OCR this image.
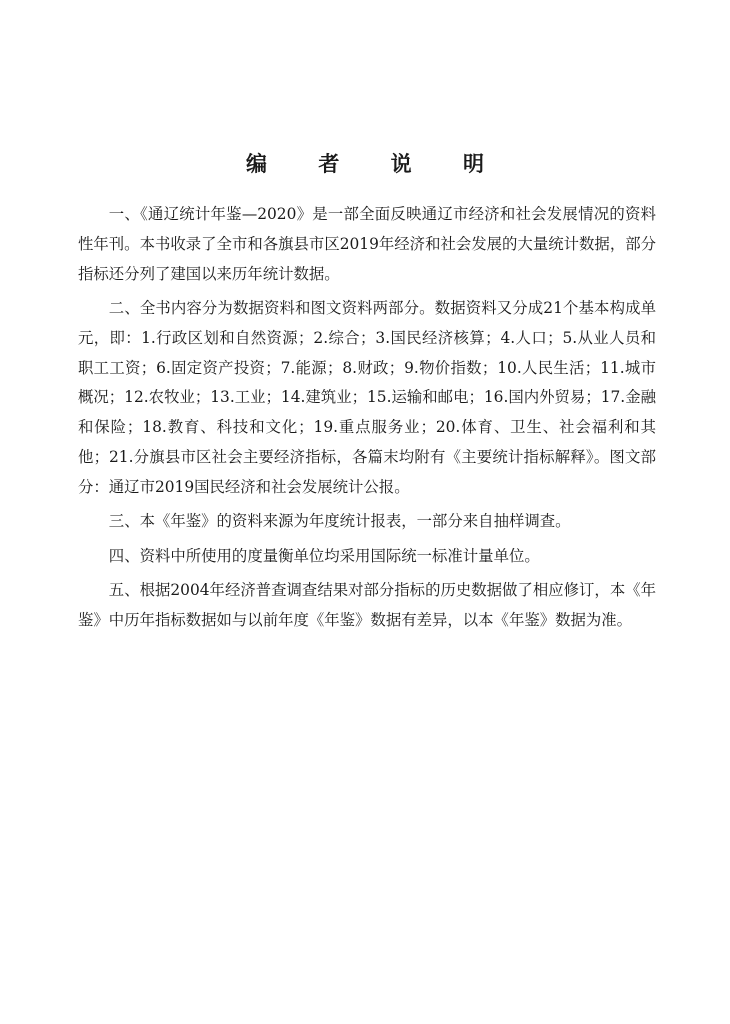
编 者 说 明

一、《通辽统计年鉴—2020》是一部全面反映通辽市经济和社会发展情况的资料性年刊。本书收录了全市和各旗县市区2019年经济和社会发展的大量统计数据，部分指标还分列了建国以来历年统计数据。

二、全书内容分为数据资料和图文资料两部分。数据资料又分成21个基本构成单元，即：1.行政区划和自然资源；2.综合；3.国民经济核算；4.人口；5.从业人员和职工工资；6.固定资产投资；7.能源；8.财政；9.物价指数；10.人民生活；11.城市概况；12.农牧业；13.工业；14.建筑业；15.运输和邮电；16.国内外贸易；17.金融和保险；18.教育、科技和文化；19.重点服务业；20.体育、卫生、社会福利和其他；21.分旗县市区社会主要经济指标，各篇末均附有《主要统计指标解释》。图文部分：通辽市2019国民经济和社会发展统计公报。

三、本《年鉴》的资料来源为年度统计报表，一部分来自抽样调查。

四、资料中所使用的度量衡单位均采用国际统一标准计量单位。

五、根据2004年经济普查调查结果对部分指标的历史数据做了相应修订，本《年鉴》中历年指标数据如与以前年度《年鉴》数据有差异，以本《年鉴》数据为准。
